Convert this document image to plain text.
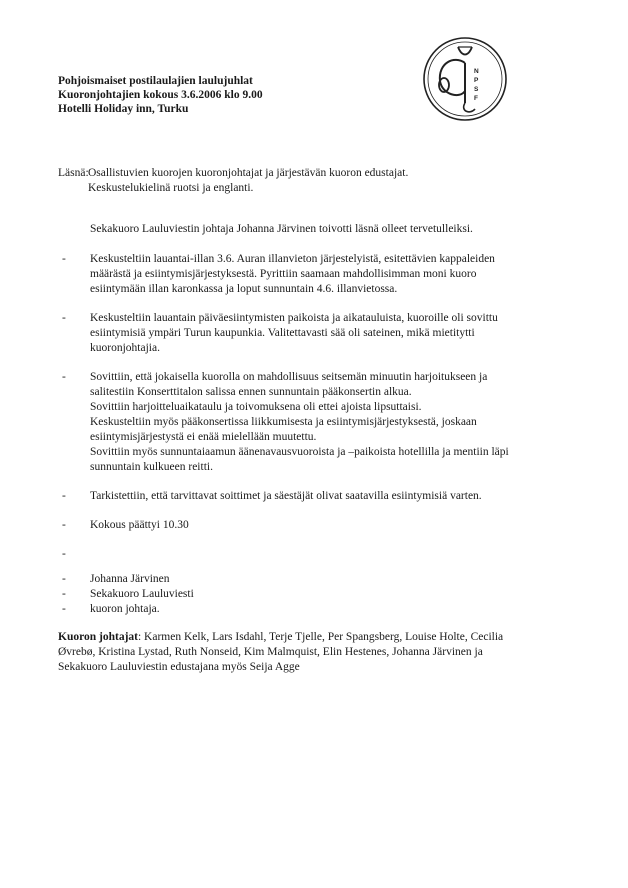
Pohjoismaiset postilaulajien laulujuhlat
Kuoronjohtajien kokous 3.6.2006 klo 9.00
Hotelli Holiday inn, Turku
N
P
S
F
Läsnä: Osallistuvien kuorojen kuoronjohtajat ja järjestävän kuoron edustajat.
Keskustelukielinä ruotsi ja englanti.
Sekakuoro Lauluviestin johtaja Johanna Järvinen toivotti läsnä olleet tervetulleiksi.
-	Keskusteltiin lauantai-illan 3.6. Auran illanvieton järjestelyistä, esitettävien kappaleiden

määrästä ja esiintymisjärjestyksestä. Pyrittiin saamaan mahdollisimman moni kuoro

esiintymään illan karonkassa ja loput sunnuntain 4.6. illanvietossa.

-	Keskusteltiin lauantain päiväesiintymisten paikoista ja aikatauluista, kuoroille oli sovittu

esiintymisiä ympäri Turun kaupunkia. Valitettavasti sää oli sateinen, mikä mietitytti

kuoronjohtajia.

-	Sovittiin, että jokaisella kuorolla on mahdollisuus seitsemän minuutin harjoitukseen ja

salitestiin Konserttitalon salissa ennen sunnuntain pääkonsertin alkua.

Sovittiin harjoitteluaikataulu ja toivomuksena oli ettei ajoista lipsuttaisi.

Keskusteltiin myös pääkonsertissa liikkumisesta ja esiintymisjärjestyksestä, joskaan

esiintymisjärjestystä ei enää mielellään muutettu.

Sovittiin myös sunnuntaiaamun äänenavausvuoroista ja –paikoista hotellilla ja mentiin läpi

sunnuntain kulkueen reitti.

-	Tarkistettiin, että tarvittavat soittimet ja säestäjät olivat saatavilla esiintymisiä varten.

-	Kokous päättyi 10.30

-

-	Johanna Järvinen
-	Sekakuoro Lauluviesti
-	kuoron johtaja.

Kuoron johtajat: Karmen Kelk, Lars Isdahl, Terje Tjelle, Per Spangsberg, Louise Holte, Cecilia

Øvrebø, Kristina Lystad, Ruth Nonseid, Kim Malmquist, Elin Hestenes, Johanna Järvinen ja

Sekakuoro Lauluviestin edustajana myös Seija Agge
